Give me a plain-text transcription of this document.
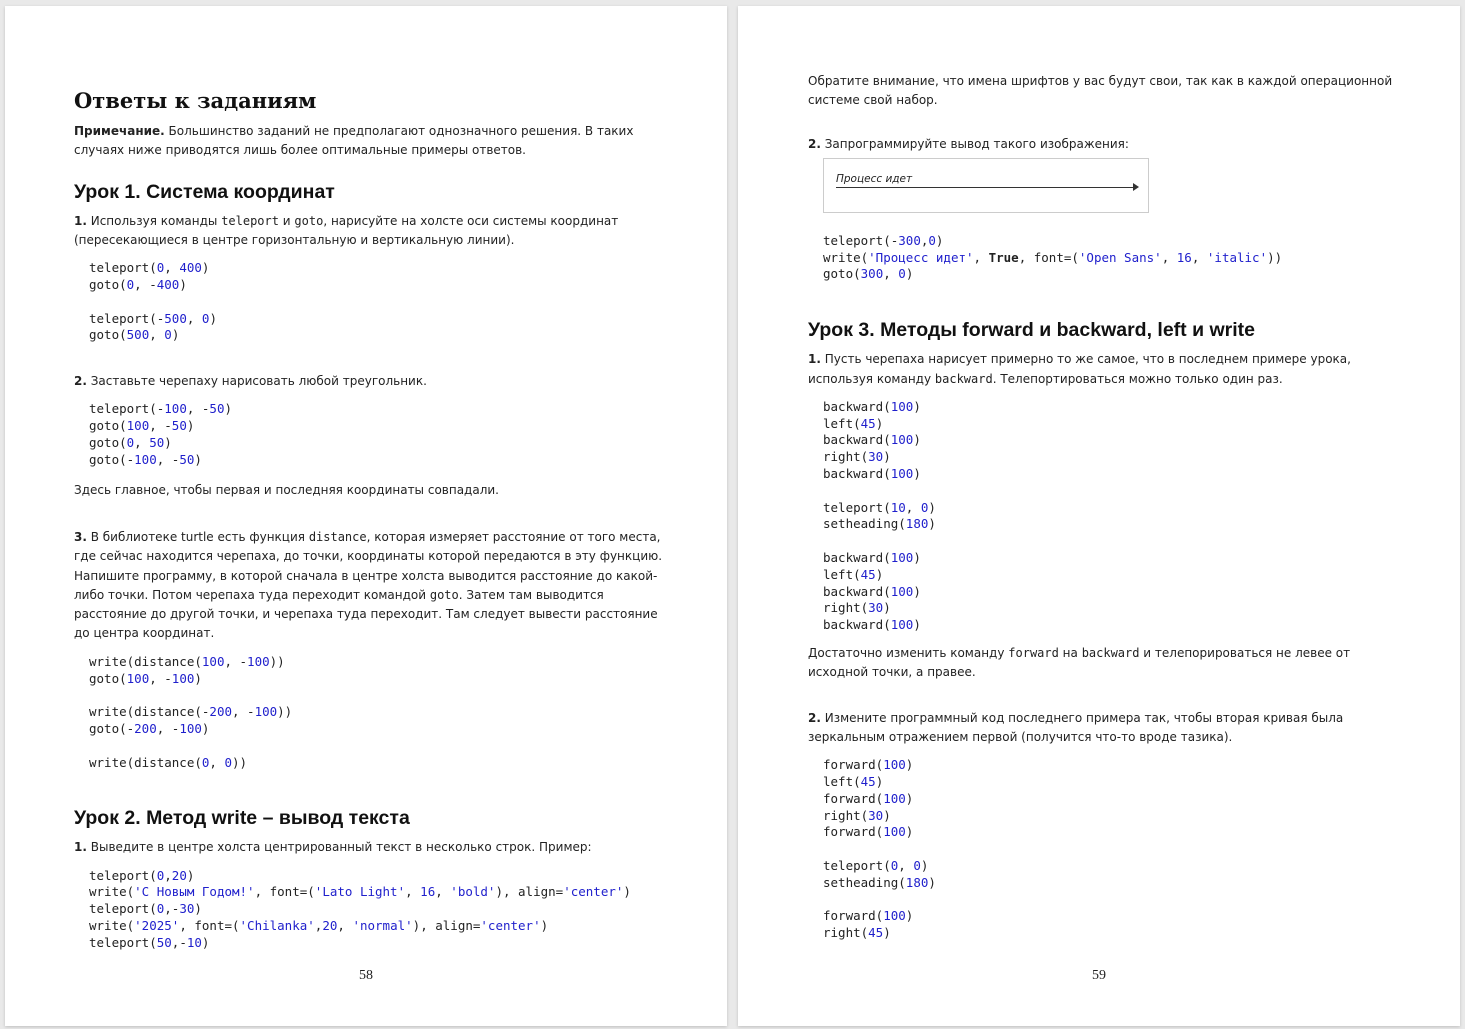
Ответы к заданиям

Примечание. Большинство заданий не предполагают однозначного решения. В таких случаях ниже приводятся лишь более оптимальные примеры ответов.

Урок 1. Система координат

1. Используя команды teleport и goto, нарисуйте на холсте оси системы координат (пересекающиеся в центре горизонтальную и вертикальную линии).

teleport(0, 400)
goto(0, -400)
teleport(-500, 0)
goto(500, 0)

2. Заставьте черепаху нарисовать любой треугольник.

teleport(-100, -50)
goto(100, -50)
goto(0, 50)
goto(-100, -50)

Здесь главное, чтобы первая и последняя координаты совпадали.

3. В библиотеке turtle есть функция distance, которая измеряет расстояние от того места, где сейчас находится черепаха, до точки, координаты которой передаются в эту функцию. Напишите программу, в которой сначала в центре холста выводится расстояние до какой-либо точки. Потом черепаха туда переходит командой goto. Затем там выводится расстояние до другой точки, и черепаха туда переходит. Там следует вывести расстояние до центра координат.

write(distance(100, -100))
goto(100, -100)
write(distance(-200, -100))
goto(-200, -100)
write(distance(0, 0))
Урок 2. Метод write – вывод текста

1. Выведите в центре холста центрированный текст в несколько строк. Пример:

teleport(0,20)
write('С Новым Годом!', font=('Lato Light', 16, 'bold'), align='center')
teleport(0,-30)
write('2025', font=('Chilanka',20, 'normal'), align='center')
teleport(50,-10)
58

Обратите внимание, что имена шрифтов у вас будут свои, так как в каждой операционной системе свой набор.

2. Запрограммируйте вывод такого изображения:

Процесс идет
teleport(-300,0)
write('Процесс идет', True, font=('Open Sans', 16, 'italic'))
goto(300, 0)
Урок 3. Методы forward и backward, left и write

1. Пусть черепаха нарисует примерно то же самое, что в последнем примере урока, используя команду backward. Телепортироваться можно только один раз.

backward(100)
left(45)
backward(100)
right(30)
backward(100)
teleport(10, 0)
setheading(180)
backward(100)
left(45)
backward(100)
right(30)
backward(100)

Достаточно изменить команду forward на backward и телепорироваться не левее от исходной точки, а правее.

2. Измените программный код последнего примера так, чтобы вторая кривая была зеркальным отражением первой (получится что-то вроде тазика).

forward(100)
left(45)
forward(100)
right(30)
forward(100)
teleport(0, 0)
setheading(180)
forward(100)
right(45)
59
